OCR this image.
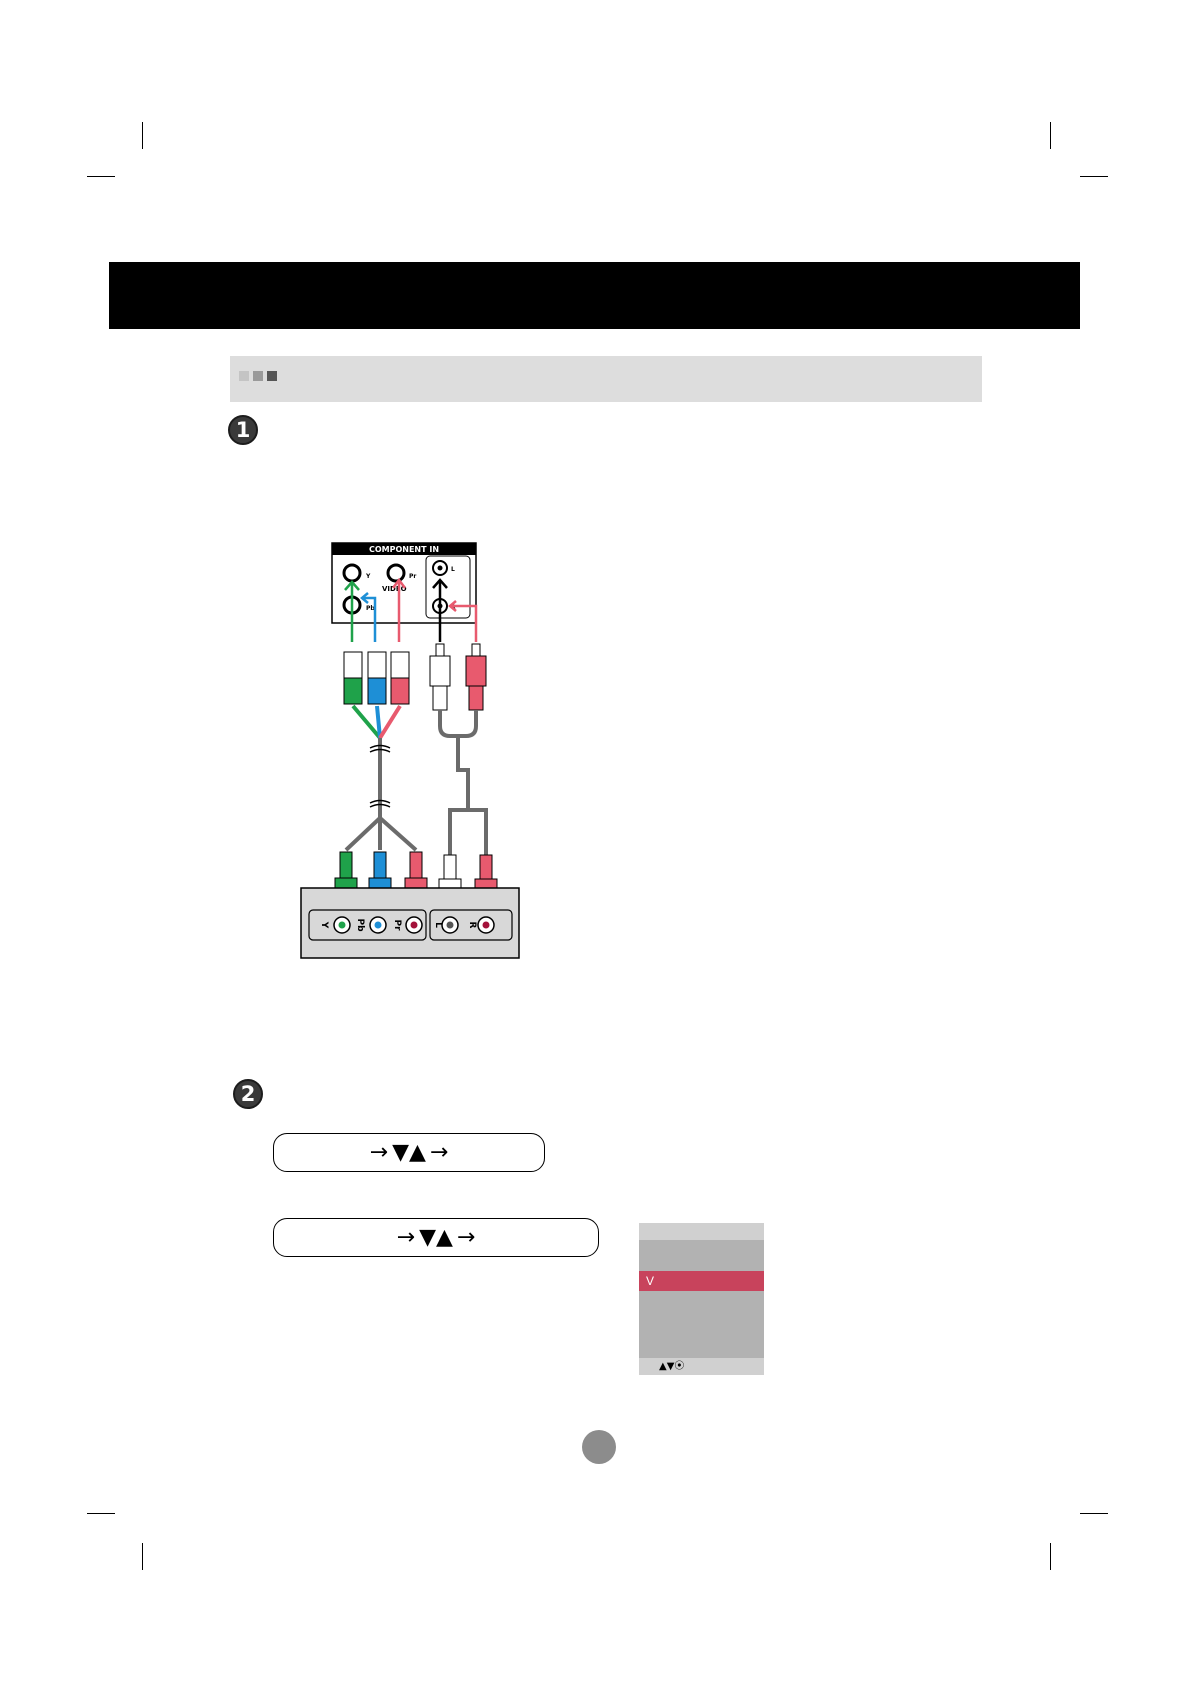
1
2
COMPONENT IN
Y	Pr
Pb
VIDEO
L
R
Y	Pb	Pr	L	R
→ ▼▲ →
→ ▼▲ →
V
▲▼⦿
